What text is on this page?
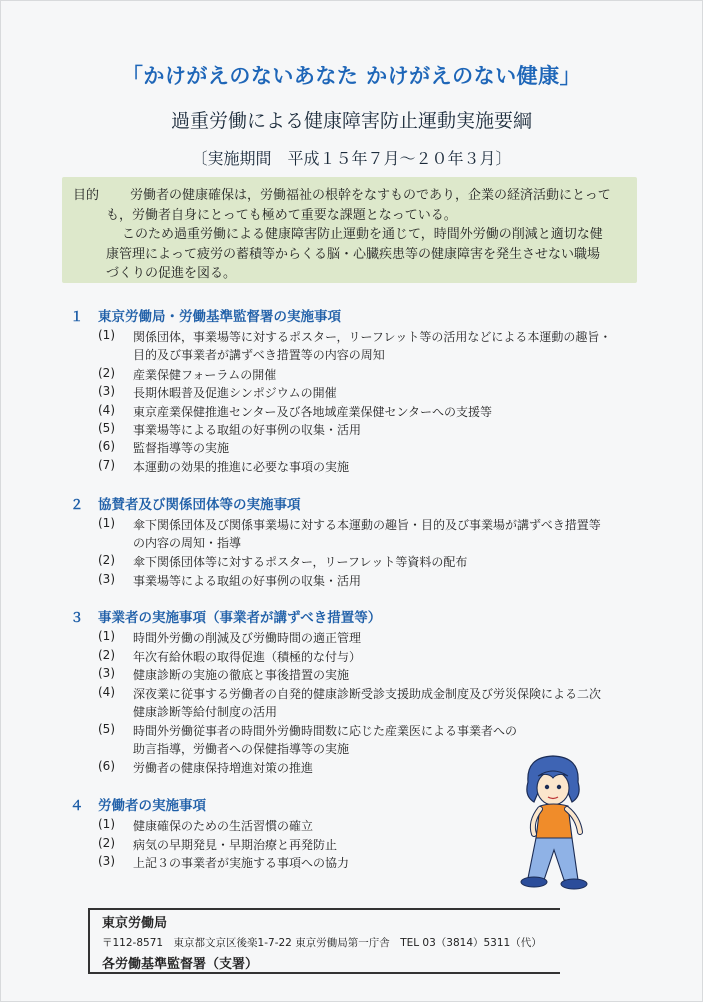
「かけがえのないあなた かけがえのない健康」
過重労働による健康障害防止運動実施要綱
〔実施期間　平成１５年７月～２０年３月〕
目的 労働者の健康確保は，労働福祉の根幹をなすものであり，企業の経済活動にとって
も，労働者自身にとっても極めて重要な課題となっている。
このため過重労働による健康障害防止運動を通じて，時間外労働の削減と適切な健
康管理によって疲労の蓄積等からくる脳・心臓疾患等の健康障害を発生させない職場
づくりの促進を図る。
１ 東京労働局・労働基準監督署の実施事項
(1) 関係団体，事業場等に対するポスター，リーフレット等の活用などによる本運動の趣旨・
目的及び事業者が講ずべき措置等の内容の周知
(2) 産業保健フォーラムの開催
(3) 長期休暇普及促進シンポジウムの開催
(4) 東京産業保健推進センター及び各地域産業保健センターへの支援等
(5) 事業場等による取組の好事例の収集・活用
(6) 監督指導等の実施
(7) 本運動の効果的推進に必要な事項の実施
２ 協賛者及び関係団体等の実施事項
(1) 傘下関係団体及び関係事業場に対する本運動の趣旨・目的及び事業場が講ずべき措置等
の内容の周知・指導
(2) 傘下関係団体等に対するポスター，リーフレット等資料の配布
(3) 事業場等による取組の好事例の収集・活用
３ 事業者の実施事項（事業者が講ずべき措置等）
(1) 時間外労働の削減及び労働時間の適正管理
(2) 年次有給休暇の取得促進（積極的な付与）
(3) 健康診断の実施の徹底と事後措置の実施
(4) 深夜業に従事する労働者の自発的健康診断受診支援助成金制度及び労災保険による二次
健康診断等給付制度の活用
(5) 時間外労働従事者の時間外労働時間数に応じた産業医による事業者への
助言指導，労働者への保健指導等の実施
(6) 労働者の健康保持増進対策の推進
４ 労働者の実施事項
(1) 健康確保のための生活習慣の確立
(2) 病気の早期発見・早期治療と再発防止
(3) 上記３の事業者が実施する事項への協力
東京労働局
〒112-8571　東京都文京区後楽1-7-22 東京労働局第一庁舎　TEL 03（3814）5311（代）
各労働基準監督署（支署）
